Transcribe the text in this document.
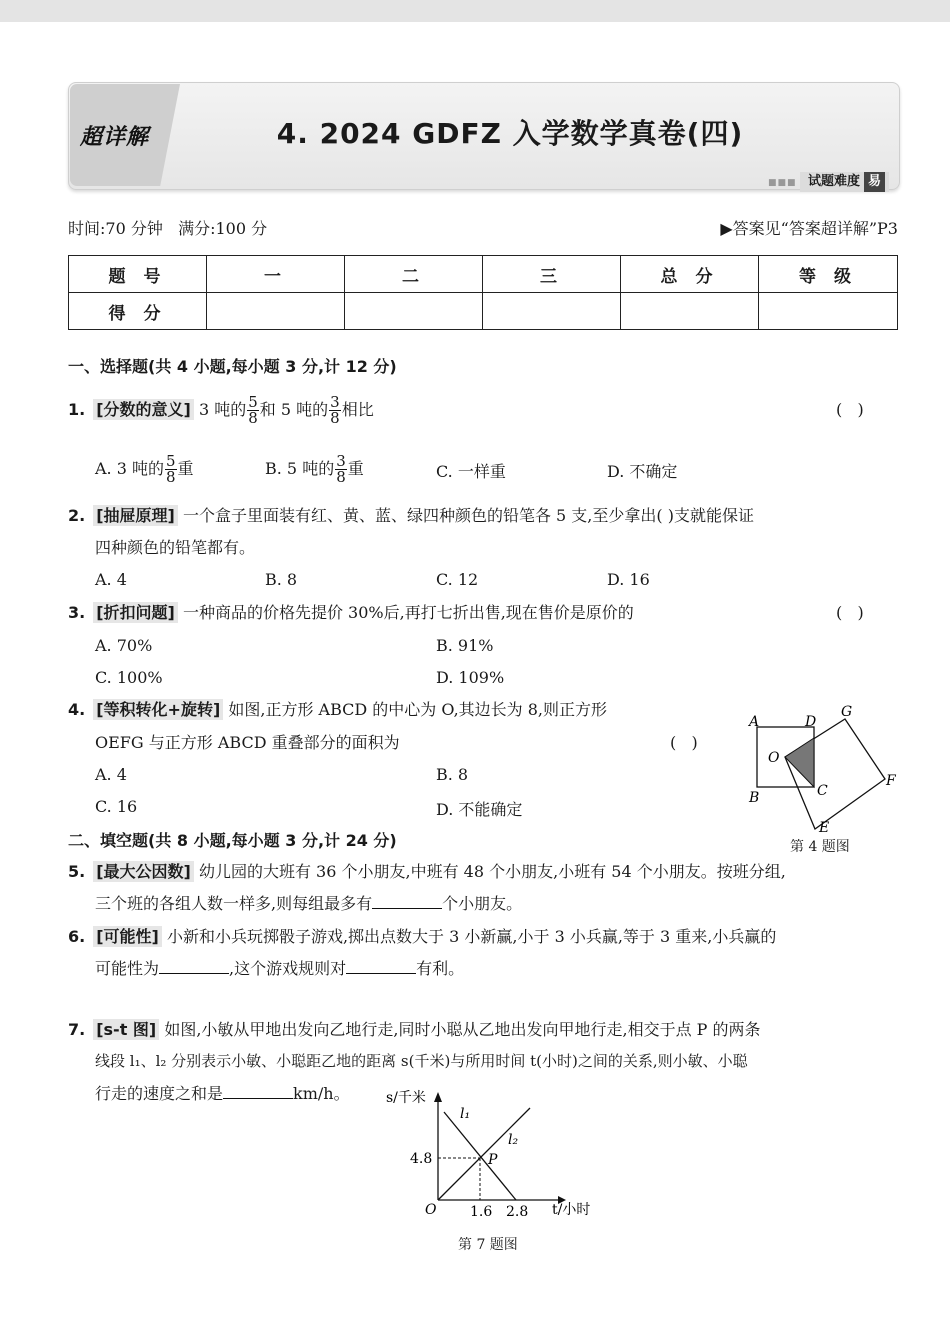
超详解	4. 2024 GDFZ 入学数学真卷(四)
■■■ 试题难度 易
时间:70 分钟   满分:100 分	▶答案见“答案超详解”P3
题 号	一	二	三	总 分	等 级
得 分					
一、选择题(共 4 小题,每小题 3 分,计 12 分)
1. [分数的意义] 3 吨的 $\frac{5}{8}$ 和 5 吨的 $\frac{3}{8}$ 相比	(   )
A. 3 吨的 $\frac{5}{8}$ 重	B. 5 吨的 $\frac{3}{8}$ 重	C. 一样重	D. 不确定
2. [抽屉原理] 一个盒子里面装有红、黄、蓝、绿四种颜色的铅笔各 5 支,至少拿出( )支就能保证
四种颜色的铅笔都有。
A. 4	B. 8	C. 12	D. 16
3. [折扣问题] 一种商品的价格先提价 30%后,再打七折出售,现在售价是原价的	(   )
A. 70%	B. 91%
C. 100%	D. 109%
4. [等积转化+旋转] 如图,正方形 ABCD 的中心为 O,其边长为 8,则正方形
OEFG 与正方形 ABCD 重叠部分的面积为	(   )
A. 4	B. 8
C. 16	D. 不能确定
A	D
G
O
B	C
F
E
第 4 题图
二、填空题(共 8 小题,每小题 3 分,计 24 分)
5. [最大公因数] 幼儿园的大班有 36 个小朋友,中班有 48 个小朋友,小班有 54 个小朋友。按班分组,
三个班的各组人数一样多,则每组最多有	个小朋友。
6. [可能性] 小新和小兵玩掷骰子游戏,掷出点数大于 3 小新赢,小于 3 小兵赢,等于 3 重来,小兵赢的
可能性为	,这个游戏规则对	有利。
7. [s-t 图] 如图,小敏从甲地出发向乙地行走,同时小聪从乙地出发向甲地行走,相交于点 P 的两条
线段 l₁、l₂ 分别表示小敏、小聪距乙地的距离 s(千米)与所用时间 t(小时)之间的关系,则小敏、小聪
行走的速度之和是	km/h。	s/千米
t/小时
O
4.8
1.6 2.8
l₁
l₂
P
第 7 题图
